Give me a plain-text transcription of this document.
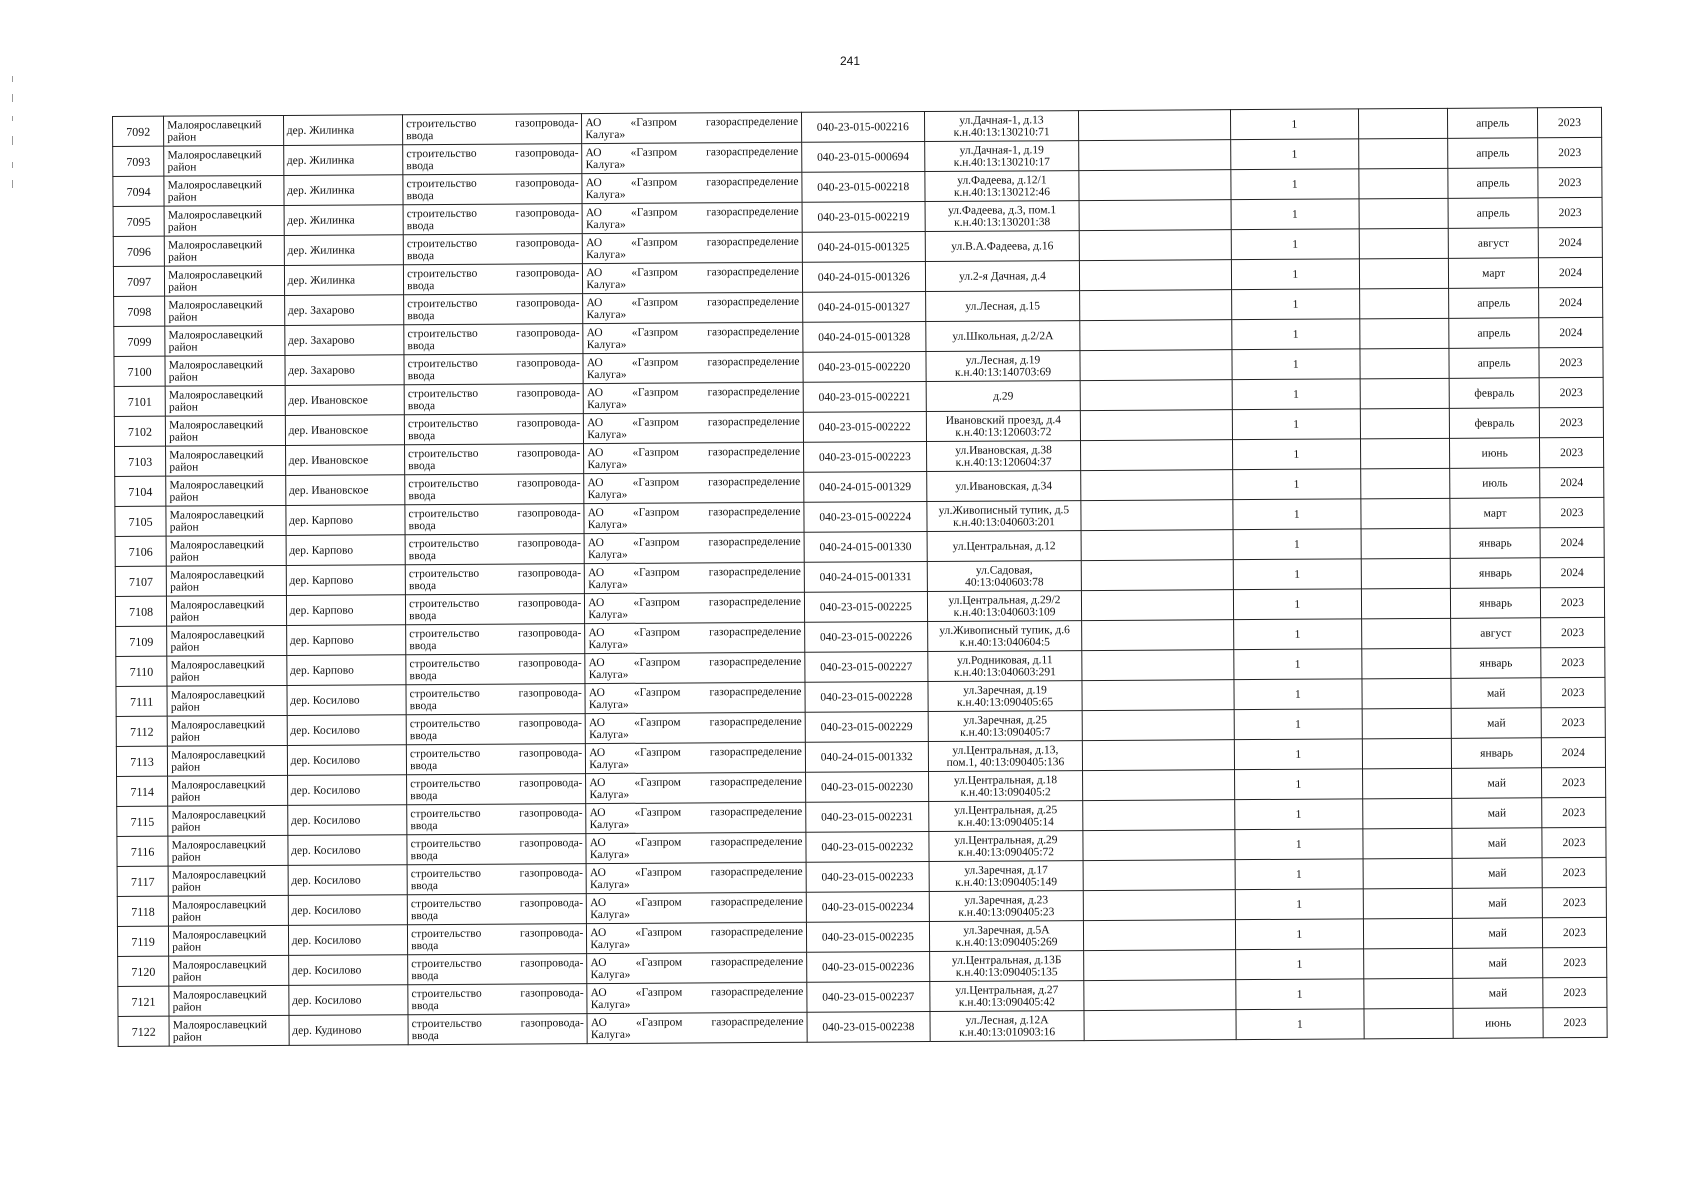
241
7092	Малоярославецкий район	дер. Жилинка	строительство газопровода-
ввода	АО «Газпром газораспределение
Калуга»	040-23-015-002216	ул.Дачная-1, д.13
к.н.40:13:130210:71		1		апрель	2023
7093	Малоярославецкий район	дер. Жилинка	строительство газопровода-
ввода	АО «Газпром газораспределение
Калуга»	040-23-015-000694	ул.Дачная-1, д.19
к.н.40:13:130210:17		1		апрель	2023
7094	Малоярославецкий район	дер. Жилинка	строительство газопровода-
ввода	АО «Газпром газораспределение
Калуга»	040-23-015-002218	ул.Фадеева, д.12/1
к.н.40:13:130212:46		1		апрель	2023
7095	Малоярославецкий район	дер. Жилинка	строительство газопровода-
ввода	АО «Газпром газораспределение
Калуга»	040-23-015-002219	ул.Фадеева, д.3, пом.1
к.н.40:13:130201:38		1		апрель	2023
7096	Малоярославецкий район	дер. Жилинка	строительство газопровода-
ввода	АО «Газпром газораспределение
Калуга»	040-24-015-001325	ул.В.А.Фадеева, д.16		1		август	2024
7097	Малоярославецкий район	дер. Жилинка	строительство газопровода-
ввода	АО «Газпром газораспределение
Калуга»	040-24-015-001326	ул.2-я Дачная, д.4		1		март	2024
7098	Малоярославецкий район	дер. Захарово	строительство газопровода-
ввода	АО «Газпром газораспределение
Калуга»	040-24-015-001327	ул.Лесная, д.15		1		апрель	2024
7099	Малоярославецкий район	дер. Захарово	строительство газопровода-
ввода	АО «Газпром газораспределение
Калуга»	040-24-015-001328	ул.Школьная, д.2/2А		1		апрель	2024
7100	Малоярославецкий район	дер. Захарово	строительство газопровода-
ввода	АО «Газпром газораспределение
Калуга»	040-23-015-002220	ул.Лесная, д.19
к.н.40:13:140703:69		1		апрель	2023
7101	Малоярославецкий район	дер. Ивановское	строительство газопровода-
ввода	АО «Газпром газораспределение
Калуга»	040-23-015-002221	д.29		1		февраль	2023
7102	Малоярославецкий район	дер. Ивановское	строительство газопровода-
ввода	АО «Газпром газораспределение
Калуга»	040-23-015-002222	Ивановский проезд, д.4
к.н.40:13:120603:72		1		февраль	2023
7103	Малоярославецкий район	дер. Ивановское	строительство газопровода-
ввода	АО «Газпром газораспределение
Калуга»	040-23-015-002223	ул.Ивановская, д.38
к.н.40:13:120604:37		1		июнь	2023
7104	Малоярославецкий район	дер. Ивановское	строительство газопровода-
ввода	АО «Газпром газораспределение
Калуга»	040-24-015-001329	ул.Ивановская, д.34		1		июль	2024
7105	Малоярославецкий район	дер. Карпово	строительство газопровода-
ввода	АО «Газпром газораспределение
Калуга»	040-23-015-002224	ул.Живописный тупик, д.5
к.н.40:13:040603:201		1		март	2023
7106	Малоярославецкий район	дер. Карпово	строительство газопровода-
ввода	АО «Газпром газораспределение
Калуга»	040-24-015-001330	ул.Центральная, д.12		1		январь	2024
7107	Малоярославецкий район	дер. Карпово	строительство газопровода-
ввода	АО «Газпром газораспределение
Калуга»	040-24-015-001331	ул.Садовая,
40:13:040603:78		1		январь	2024
7108	Малоярославецкий район	дер. Карпово	строительство газопровода-
ввода	АО «Газпром газораспределение
Калуга»	040-23-015-002225	ул.Центральная, д.29/2
к.н.40:13:040603:109		1		январь	2023
7109	Малоярославецкий район	дер. Карпово	строительство газопровода-
ввода	АО «Газпром газораспределение
Калуга»	040-23-015-002226	ул.Живописный тупик, д.6
к.н.40:13:040604:5		1		август	2023
7110	Малоярославецкий район	дер. Карпово	строительство газопровода-
ввода	АО «Газпром газораспределение
Калуга»	040-23-015-002227	ул.Родниковая, д.11
к.н.40:13:040603:291		1		январь	2023
7111	Малоярославецкий район	дер. Косилово	строительство газопровода-
ввода	АО «Газпром газораспределение
Калуга»	040-23-015-002228	ул.Заречная, д.19
к.н.40:13:090405:65		1		май	2023
7112	Малоярославецкий район	дер. Косилово	строительство газопровода-
ввода	АО «Газпром газораспределение
Калуга»	040-23-015-002229	ул.Заречная, д.25
к.н.40:13:090405:7		1		май	2023
7113	Малоярославецкий район	дер. Косилово	строительство газопровода-
ввода	АО «Газпром газораспределение
Калуга»	040-24-015-001332	ул.Центральная, д.13,
пом.1, 40:13:090405:136		1		январь	2024
7114	Малоярославецкий район	дер. Косилово	строительство газопровода-
ввода	АО «Газпром газораспределение
Калуга»	040-23-015-002230	ул.Центральная, д.18
к.н.40:13:090405:2		1		май	2023
7115	Малоярославецкий район	дер. Косилово	строительство газопровода-
ввода	АО «Газпром газораспределение
Калуга»	040-23-015-002231	ул.Центральная, д.25
к.н.40:13:090405:14		1		май	2023
7116	Малоярославецкий район	дер. Косилово	строительство газопровода-
ввода	АО «Газпром газораспределение
Калуга»	040-23-015-002232	ул.Центральная, д.29
к.н.40:13:090405:72		1		май	2023
7117	Малоярославецкий район	дер. Косилово	строительство газопровода-
ввода	АО «Газпром газораспределение
Калуга»	040-23-015-002233	ул.Заречная, д.17
к.н.40:13:090405:149		1		май	2023
7118	Малоярославецкий район	дер. Косилово	строительство газопровода-
ввода	АО «Газпром газораспределение
Калуга»	040-23-015-002234	ул.Заречная, д.23
к.н.40:13:090405:23		1		май	2023
7119	Малоярославецкий район	дер. Косилово	строительство газопровода-
ввода	АО «Газпром газораспределение
Калуга»	040-23-015-002235	ул.Заречная, д.5А
к.н.40:13:090405:269		1		май	2023
7120	Малоярославецкий район	дер. Косилово	строительство газопровода-
ввода	АО «Газпром газораспределение
Калуга»	040-23-015-002236	ул.Центральная, д.13Б
к.н.40:13:090405:135		1		май	2023
7121	Малоярославецкий район	дер. Косилово	строительство газопровода-
ввода	АО «Газпром газораспределение
Калуга»	040-23-015-002237	ул.Центральная, д.27
к.н.40:13:090405:42		1		май	2023
7122	Малоярославецкий район	дер. Кудиново	строительство газопровода-
ввода	АО «Газпром газораспределение
Калуга»	040-23-015-002238	ул.Лесная, д.12А
к.н.40:13:010903:16		1		июнь	2023
